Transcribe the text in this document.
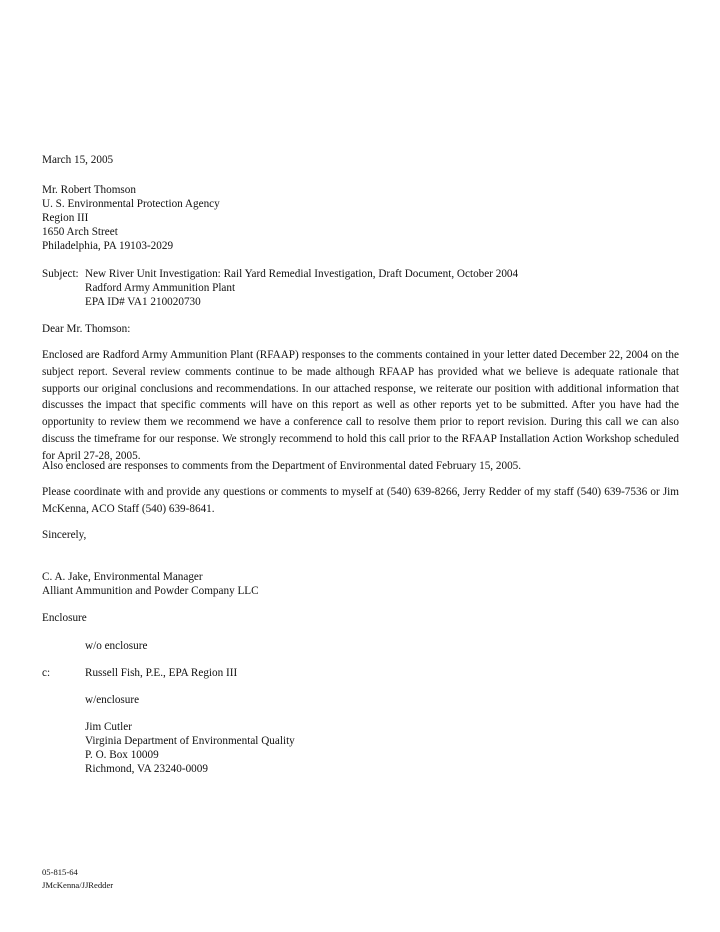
March 15, 2005
Mr. Robert Thomson
U. S. Environmental Protection Agency
Region III
1650 Arch Street
Philadelphia, PA 19103-2029
Subject: New River Unit Investigation: Rail Yard Remedial Investigation, Draft Document, October 2004
Radford Army Ammunition Plant
EPA ID# VA1 210020730
Dear Mr. Thomson:
Enclosed are Radford Army Ammunition Plant (RFAAP) responses to the comments contained in your letter dated December 22, 2004 on the subject report. Several review comments continue to be made although RFAAP has provided what we believe is adequate rationale that supports our original conclusions and recommendations. In our attached response, we reiterate our position with additional information that discusses the impact that specific comments will have on this report as well as other reports yet to be submitted. After you have had the opportunity to review them we recommend we have a conference call to resolve them prior to report revision. During this call we can also discuss the timeframe for our response. We strongly recommend to hold this call prior to the RFAAP Installation Action Workshop scheduled for April 27-28, 2005.
Also enclosed are responses to comments from the Department of Environmental dated February 15, 2005.
Please coordinate with and provide any questions or comments to myself at (540) 639-8266, Jerry Redder of my staff (540) 639-7536 or Jim McKenna, ACO Staff (540) 639-8641.
Sincerely,
C. A. Jake, Environmental Manager
Alliant Ammunition and Powder Company LLC
Enclosure
w/o enclosure
c:	Russell Fish, P.E., EPA Region III
w/enclosure
Jim Cutler
Virginia Department of Environmental Quality
P. O. Box 10009
Richmond, VA 23240-0009
05-815-64
JMcKenna/JJRedder
